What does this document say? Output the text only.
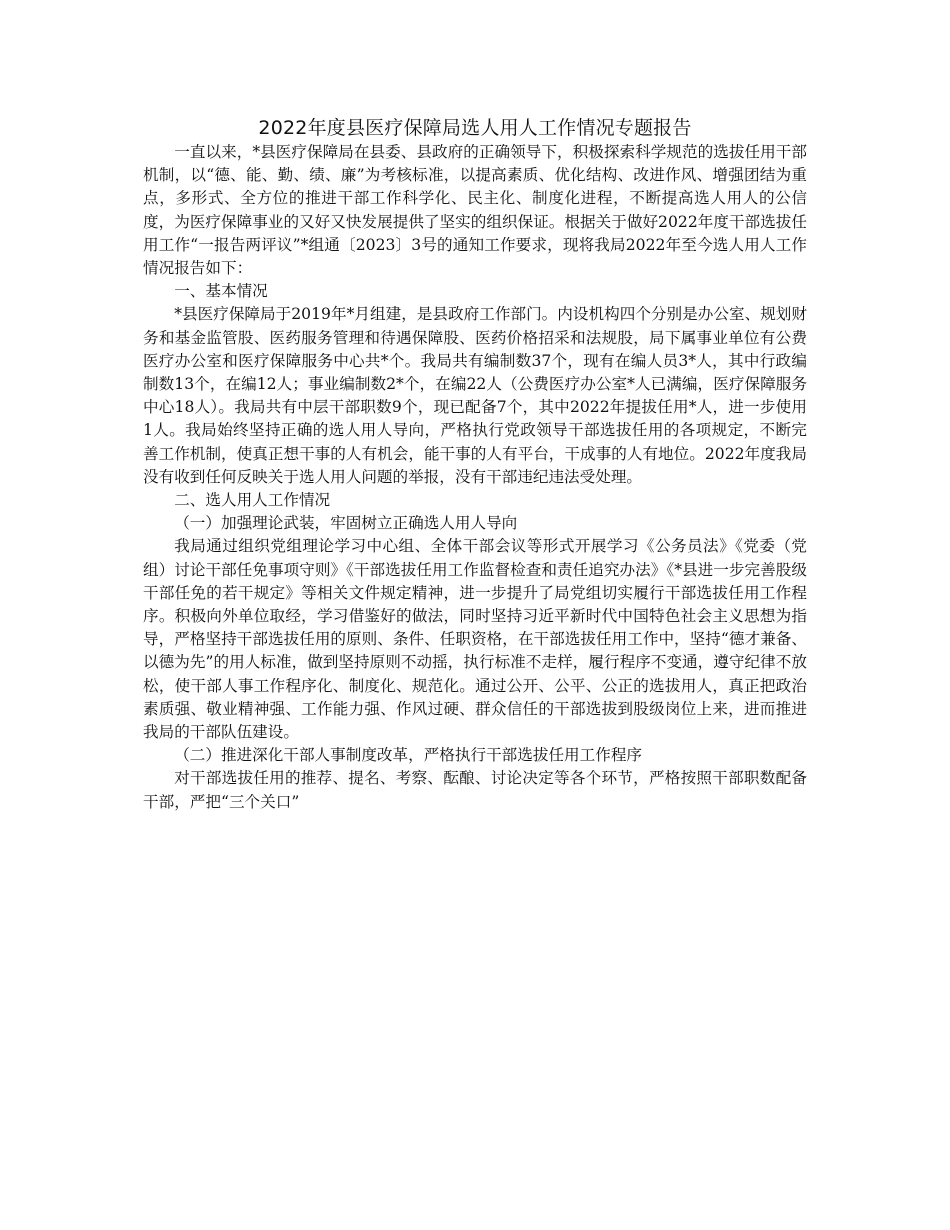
2022年度县医疗保障局选人用人工作情况专题报告

一直以来，*县医疗保障局在县委、县政府的正确领导下，积极探索科学规范的选拔任用干部机制，以“德、能、勤、绩、廉”为考核标准，以提高素质、优化结构、改进作风、增强团结为重点，多形式、全方位的推进干部工作科学化、民主化、制度化进程，不断提高选人用人的公信度，为医疗保障事业的又好又快发展提供了坚实的组织保证。根据关于做好2022年度干部选拔任用工作“一报告两评议”*组通〔2023〕3号的通知工作要求，现将我局2022年至今选人用人工作情况报告如下：

一、基本情况

*县医疗保障局于2019年*月组建，是县政府工作部门。内设机构四个分别是办公室、规划财务和基金监管股、医药服务管理和待遇保障股、医药价格招采和法规股，局下属事业单位有公费医疗办公室和医疗保障服务中心共*个。我局共有编制数37个，现有在编人员3*人，其中行政编制数13个，在编12人；事业编制数2*个，在编22人（公费医疗办公室*人已满编，医疗保障服务中心18人）。我局共有中层干部职数9个，现已配备7个，其中2022年提拔任用*人，进一步使用1人。我局始终坚持正确的选人用人导向，严格执行党政领导干部选拔任用的各项规定，不断完善工作机制，使真正想干事的人有机会，能干事的人有平台，干成事的人有地位。2022年度我局没有收到任何反映关于选人用人问题的举报，没有干部违纪违法受处理。

二、选人用人工作情况

（一）加强理论武装，牢固树立正确选人用人导向

我局通过组织党组理论学习中心组、全体干部会议等形式开展学习《公务员法》《党委（党组）讨论干部任免事项守则》《干部选拔任用工作监督检查和责任追究办法》《*县进一步完善股级干部任免的若干规定》等相关文件规定精神，进一步提升了局党组切实履行干部选拔任用工作程序。积极向外单位取经，学习借鉴好的做法，同时坚持习近平新时代中国特色社会主义思想为指导，严格坚持干部选拔任用的原则、条件、任职资格，在干部选拔任用工作中，坚持“德才兼备、以德为先”的用人标准，做到坚持原则不动摇，执行标准不走样，履行程序不变通，遵守纪律不放松，使干部人事工作程序化、制度化、规范化。通过公开、公平、公正的选拔用人，真正把政治素质强、敬业精神强、工作能力强、作风过硬、群众信任的干部选拔到股级岗位上来，进而推进我局的干部队伍建设。

（二）推进深化干部人事制度改革，严格执行干部选拔任用工作程序

对干部选拔任用的推荐、提名、考察、酝酿、讨论决定等各个环节，严格按照干部职数配备干部，严把“三个关口”
